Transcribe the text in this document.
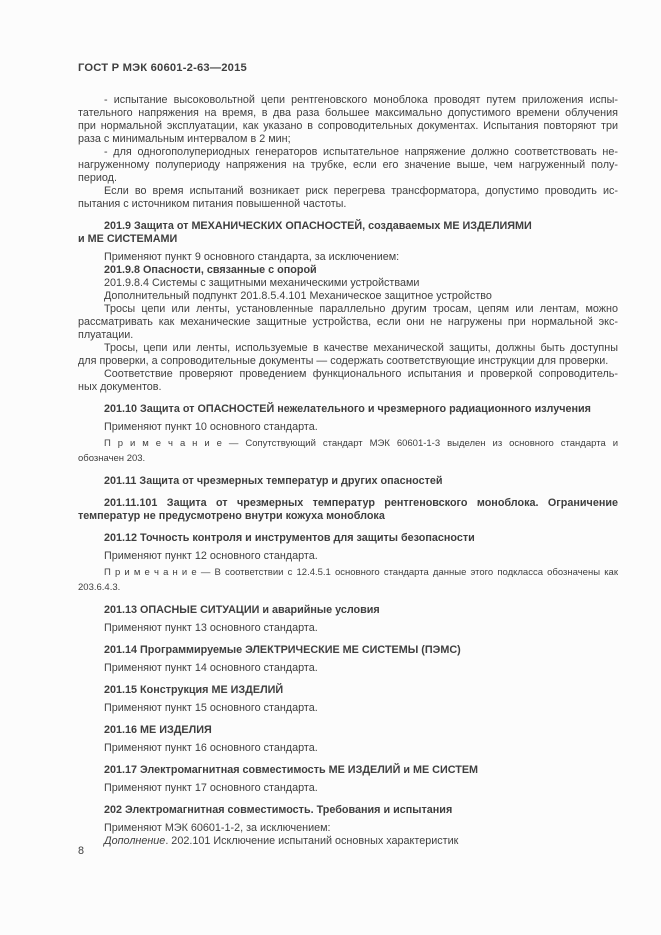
ГОСТ Р МЭК 60601-2-63—2015
- испытание высоковольтной цепи рентгеновского моноблока проводят путем приложения испы-
тательного напряжения на время, в два раза большее максимально допустимого времени облучения
при нормальной эксплуатации, как указано в сопроводительных документах. Испытания повторяют три
раза с минимальным интервалом в 2 мин;
- для одногополупериодных генераторов испытательное напряжение должно соответствовать не-
нагруженному полупериоду напряжения на трубке, если его значение выше, чем нагруженный полу-
период.
Если во время испытаний возникает риск перегрева трансформатора, допустимо проводить ис-
пытания с источником питания повышенной частоты.
201.9 Защита от МЕХАНИЧЕСКИХ ОПАСНОСТЕЙ, создаваемых МЕ ИЗДЕЛИЯМИ
и МЕ СИСТЕМАМИ
Применяют пункт 9 основного стандарта, за исключением:
201.9.8 Опасности, связанные с опорой
201.9.8.4 Системы с защитными механическими устройствами
Дополнительный подпункт 201.8.5.4.101 Механическое защитное устройство
Тросы цепи или ленты, установленные параллельно другим тросам, цепям или лентам, можно
рассматривать как механические защитные устройства, если они не нагружены при нормальной экс-
плуатации.
Тросы, цепи или ленты, используемые в качестве механической защиты, должны быть доступны
для проверки, а сопроводительные документы — содержать соответствующие инструкции для проверки.
Соответствие проверяют проведением функционального испытания и проверкой сопроводитель-
ных документов.
201.10 Защита от ОПАСНОСТЕЙ нежелательного и чрезмерного радиационного излучения
Применяют пункт 10 основного стандарта.
П р и м е ч а н и е — Сопутствующий стандарт МЭК 60601-1-3 выделен из основного стандарта и
обозначен 203.
201.11 Защита от чрезмерных температур и других опасностей
201.11.101 Защита от чрезмерных температур рентгеновского моноблока. Ограничение
температур не предусмотрено внутри кожуха моноблока
201.12 Точность контроля и инструментов для защиты безопасности
Применяют пункт 12 основного стандарта.
П р и м е ч а н и е — В соответствии с 12.4.5.1 основного стандарта данные этого подкласса обозначены как
203.6.4.3.
201.13 ОПАСНЫЕ СИТУАЦИИ и аварийные условия
Применяют пункт 13 основного стандарта.
201.14 Программируемые ЭЛЕКТРИЧЕСКИЕ МЕ СИСТЕМЫ (ПЭМС)
Применяют пункт 14 основного стандарта.
201.15 Конструкция МЕ ИЗДЕЛИЙ
Применяют пункт 15 основного стандарта.
201.16 МЕ ИЗДЕЛИЯ
Применяют пункт 16 основного стандарта.
201.17 Электромагнитная совместимость МЕ ИЗДЕЛИЙ и МЕ СИСТЕМ
Применяют пункт 17 основного стандарта.
202 Электромагнитная совместимость. Требования и испытания
Применяют МЭК 60601-1-2, за исключением:
Дополнение. 202.101 Исключение испытаний основных характеристик
8
